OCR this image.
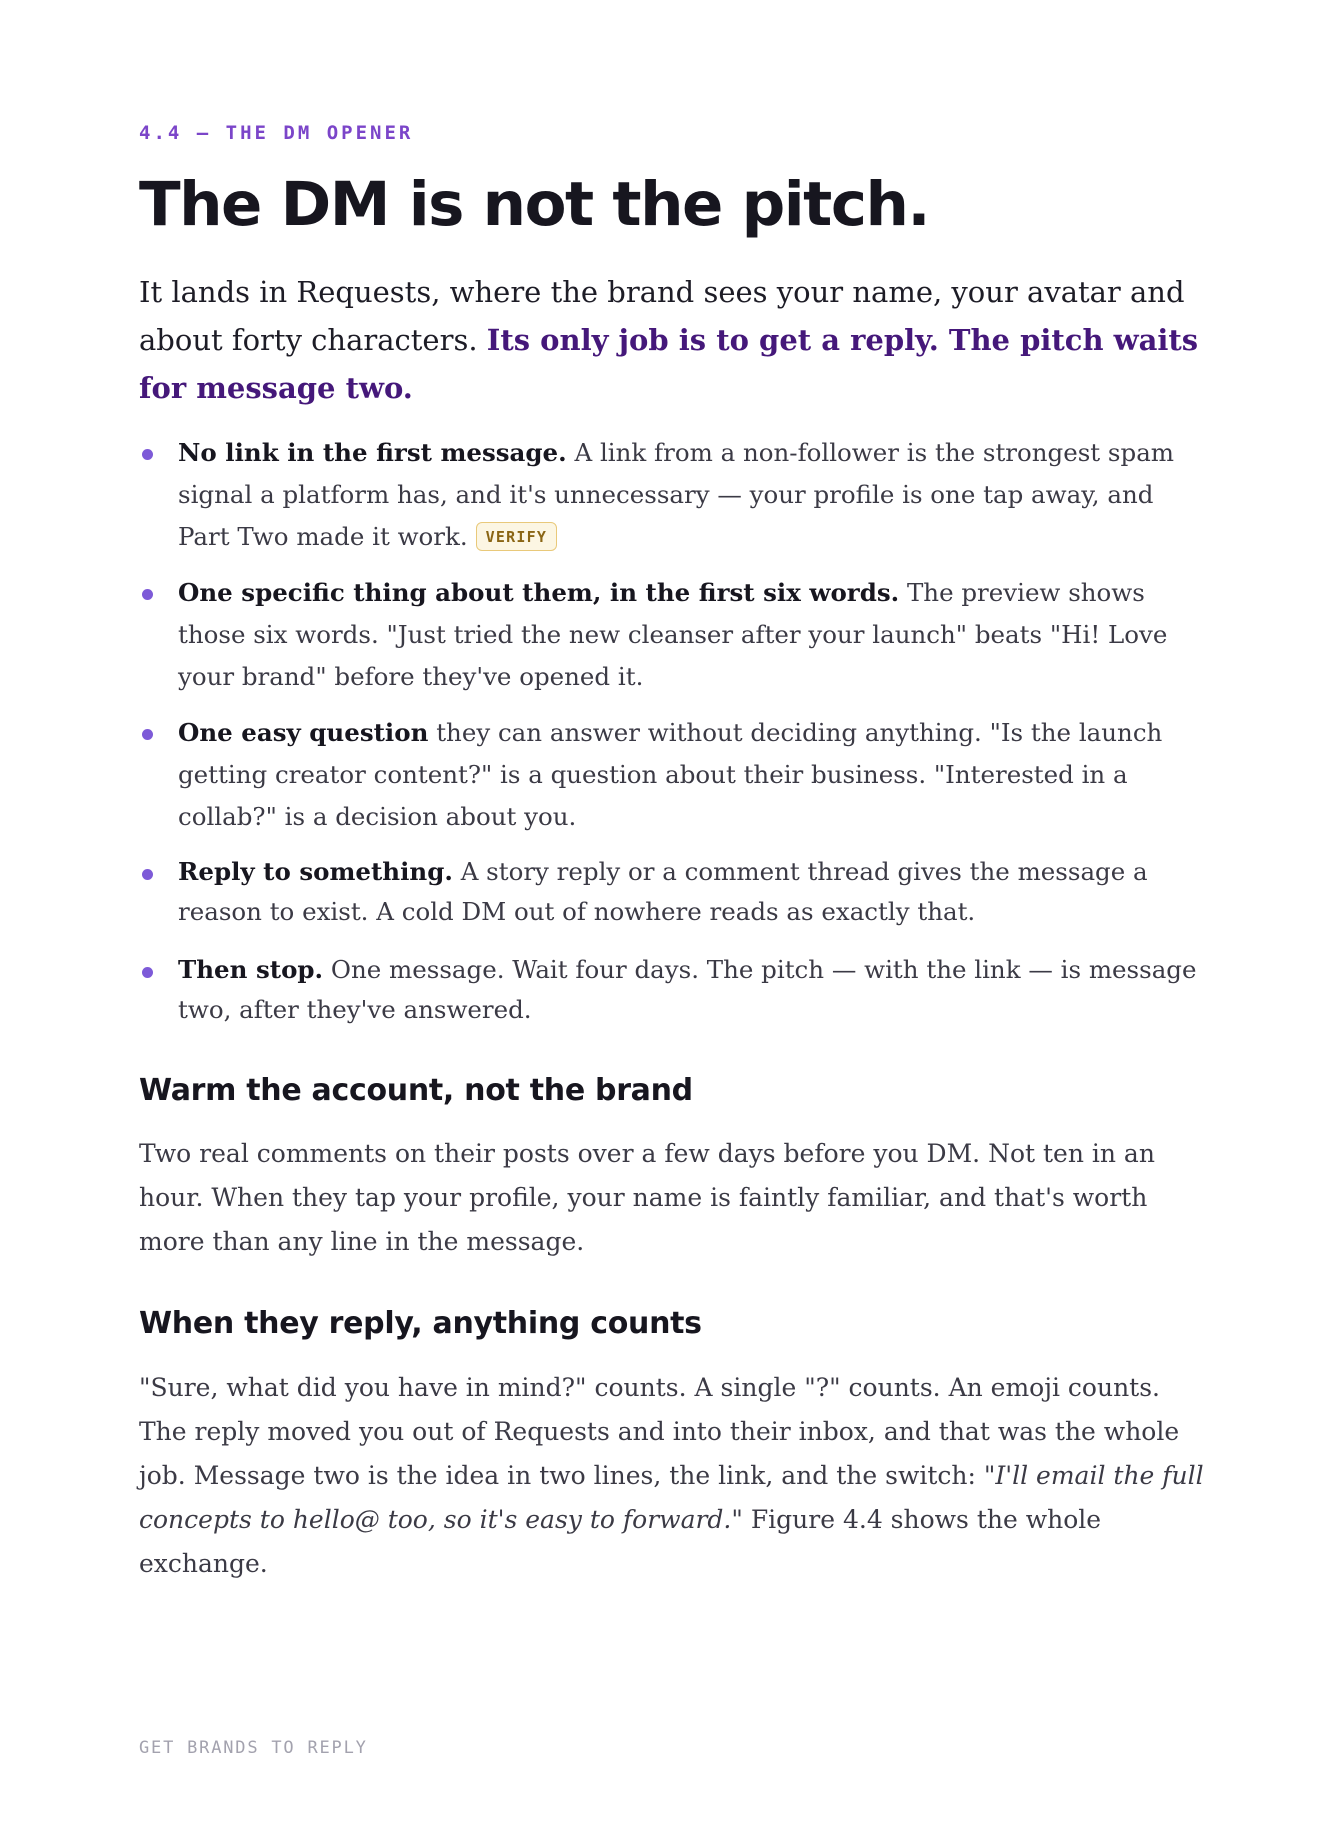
4.4 — THE DM OPENER
The DM is not the pitch.

It lands in Requests, where the brand sees your name, your avatar and about forty characters. Its only job is to get a reply. The pitch waits for message two.

No link in the first message. A link from a non-follower is the strongest spam signal a platform has, and it's unnecessary — your profile is one tap away, and Part Two made it work. VERIFY
One specific thing about them, in the first six words. The preview shows those six words. "Just tried the new cleanser after your launch" beats "Hi! Love your brand" before they've opened it.
One easy question they can answer without deciding anything. "Is the launch getting creator content?" is a question about their business. "Interested in a collab?" is a decision about you.
Reply to something. A story reply or a comment thread gives the message a reason to exist. A cold DM out of nowhere reads as exactly that.
Then stop. One message. Wait four days. The pitch — with the link — is message two, after they've answered.
Warm the account, not the brand

Two real comments on their posts over a few days before you DM. Not ten in an hour. When they tap your profile, your name is faintly familiar, and that's worth more than any line in the message.

When they reply, anything counts

"Sure, what did you have in mind?" counts. A single "?" counts. An emoji counts. The reply moved you out of Requests and into their inbox, and that was the whole job. Message two is the idea in two lines, the link, and the switch: "I'll email the full concepts to hello@ too, so it's easy to forward." Figure 4.4 shows the whole exchange.

GET BRANDS TO REPLY
